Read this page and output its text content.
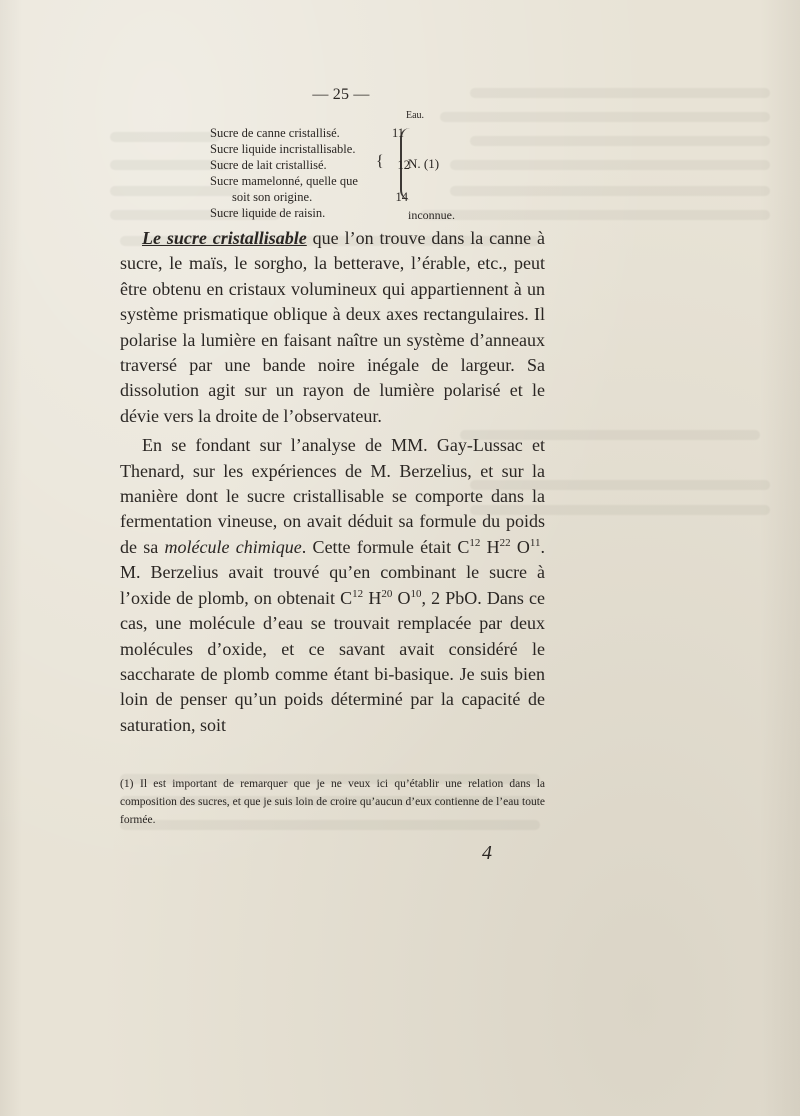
— 25 —
Eau.
Sucre de canne cristallisé.
Sucre liquide incristallisable.
Sucre de lait cristallisé.
Sucre mamelonné, quelle que
soit son origine.
Sucre liquide de raisin.
11
12
14
N. (1)
inconnue.
{

Le sucre cristallisable que l’on trouve dans la canne à sucre, le maïs, le sorgho, la betterave, l’érable, etc., peut être obtenu en cristaux volumineux qui appartiennent à un système prismatique oblique à deux axes rectangulaires. Il polarise la lumière en faisant naître un système d’anneaux traversé par une bande noire inégale de largeur. Sa dissolution agit sur un rayon de lumière polarisé et le dévie vers la droite de l’observateur.

En se fondant sur l’analyse de MM. Gay-Lussac et Thenard, sur les expériences de M. Berzelius, et sur la manière dont le sucre cristallisable se comporte dans la fermentation vineuse, on avait déduit sa formule du poids de sa molécule chimique. Cette formule était $C^{12}$ $H^{22}$ $O^{11}$. M. Berzelius avait trouvé qu’en combinant le sucre à l’oxide de plomb, on obtenait $C^{12}$ $H^{20}$ $O^{10}$, 2 PbO. Dans ce cas, une molécule d’eau se trouvait remplacée par deux molécules d’oxide, et ce savant avait considéré le saccharate de plomb comme étant bi-basique. Je suis bien loin de penser qu’un poids déterminé par la capacité de saturation, soit

(1) Il est important de remarquer que je ne veux ici qu’établir une relation dans la composition des sucres, et que je suis loin de croire qu’aucun d’eux contienne de l’eau toute formée.
4
